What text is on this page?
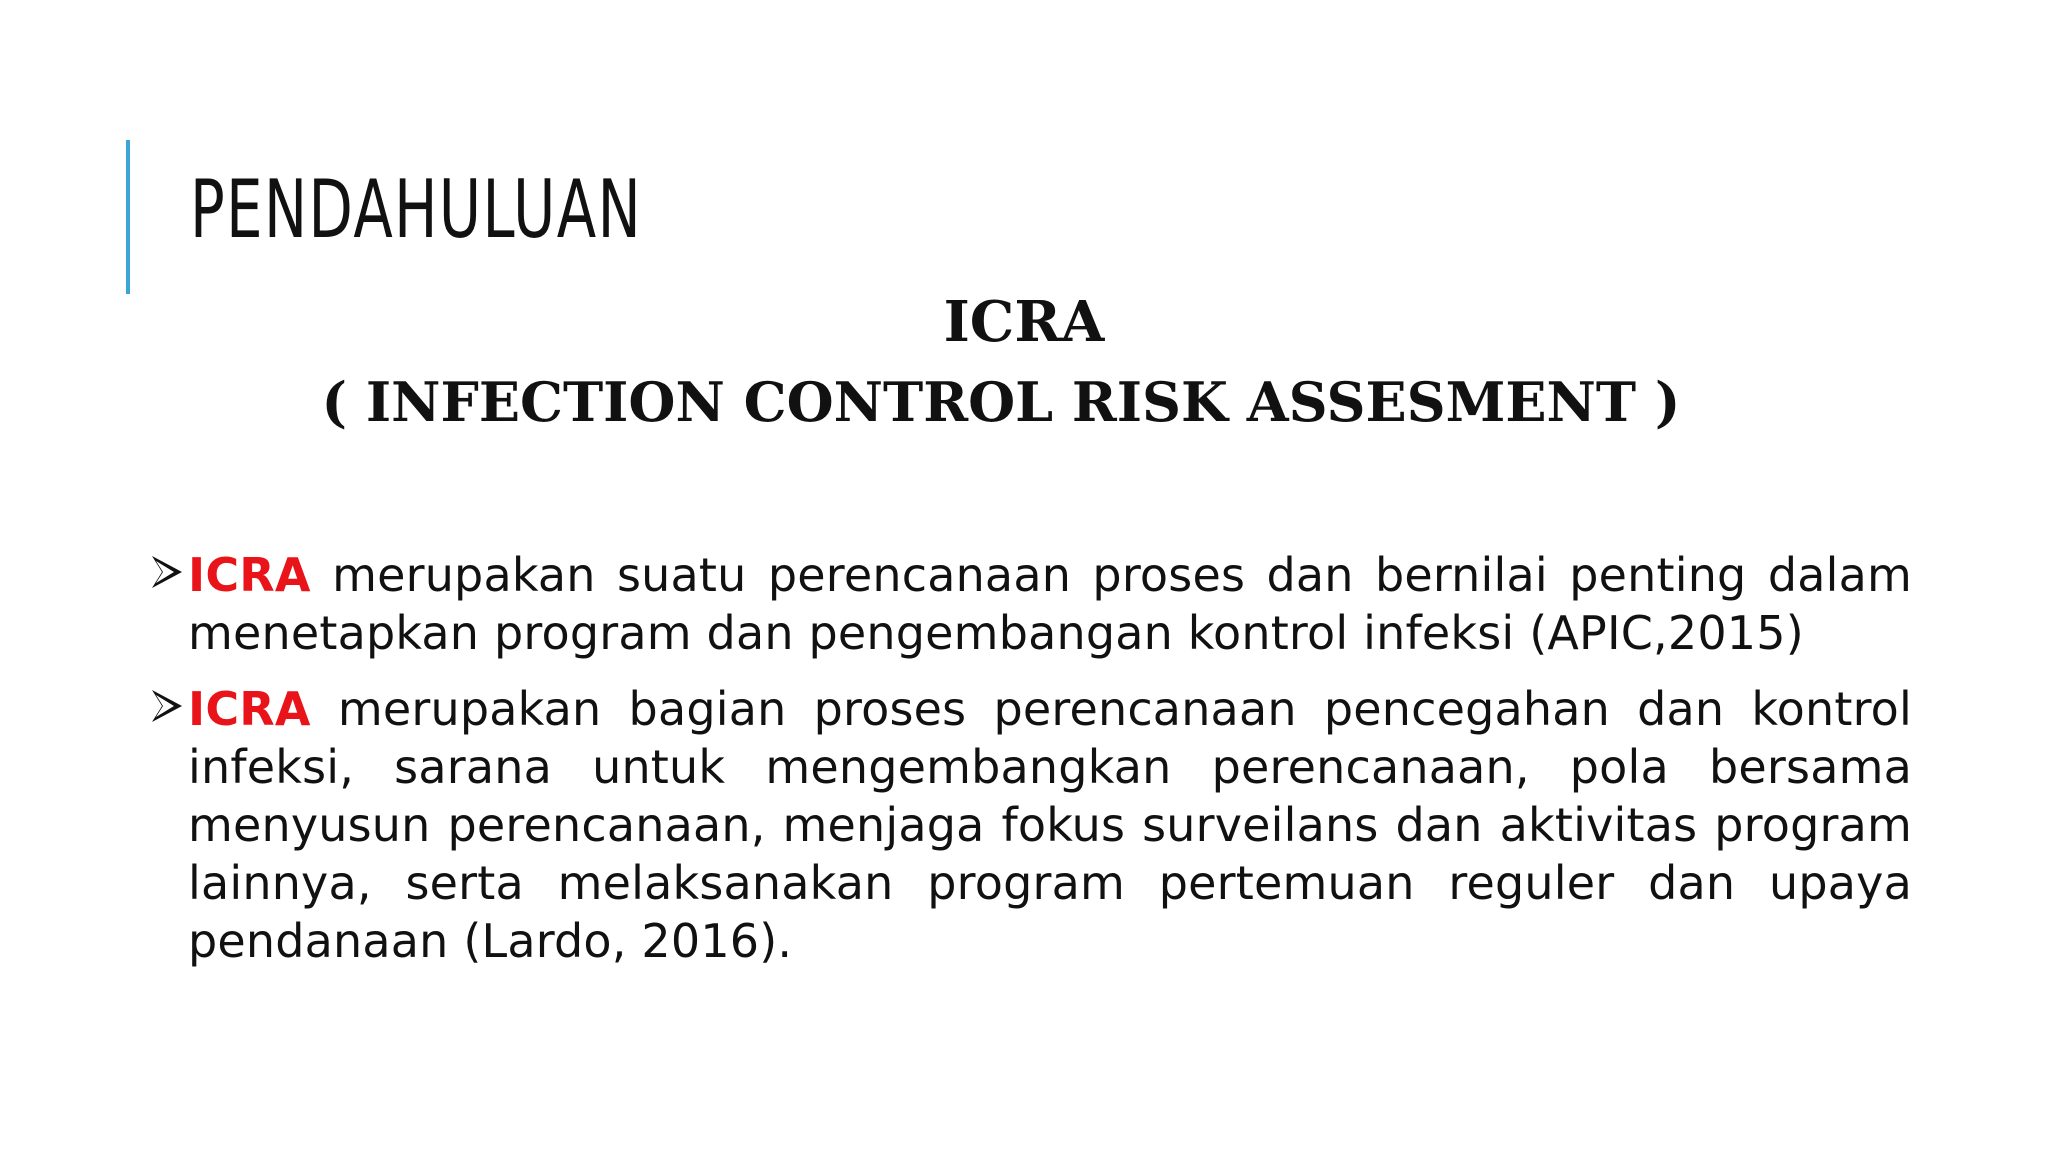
PENDAHULUAN
ICRA
( INFECTION CONTROL RISK ASSESMENT )
ICRA merupakan suatu perencanaan proses dan bernilai penting dalam menetapkan program dan pengembangan kontrol infeksi (APIC,2015)
ICRA merupakan bagian proses perencanaan pencegahan dan kontrol infeksi, sarana untuk mengembangkan perencanaan, pola bersama menyusun perencanaan, menjaga fokus surveilans dan aktivitas program lainnya, serta melaksanakan program pertemuan reguler dan upaya pendanaan (Lardo, 2016).
